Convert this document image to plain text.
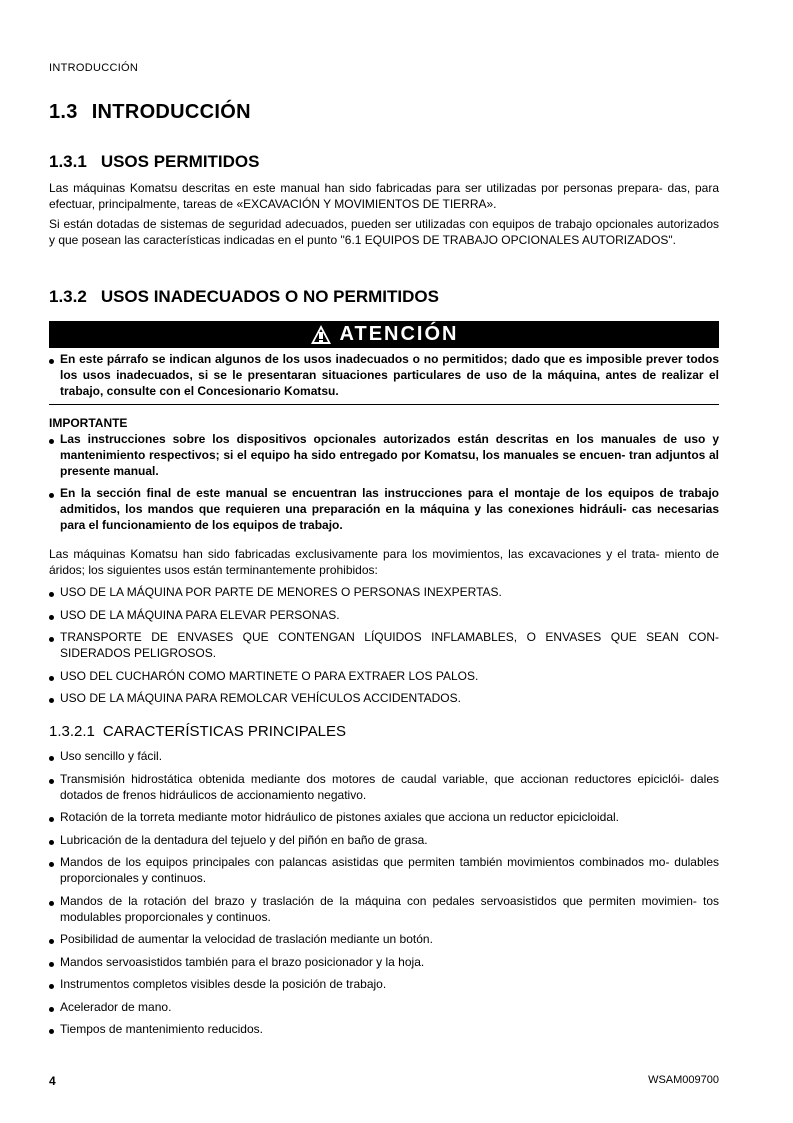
INTRODUCCIÓN
1.3 INTRODUCCIÓN
1.3.1 USOS PERMITIDOS

Las máquinas Komatsu descritas en este manual han sido fabricadas para ser utilizadas por personas prepara- das, para efectuar, principalmente, tareas de «EXCAVACIÓN Y MOVIMIENTOS DE TIERRA».

Si están dotadas de sistemas de seguridad adecuados, pueden ser utilizadas con equipos de trabajo opcionales autorizados y que posean las características indicadas en el punto "6.1 EQUIPOS DE TRABAJO OPCIONALES AUTORIZADOS".

1.3.2 USOS INADECUADOS O NO PERMITIDOS
ATENCIÓN
En este párrafo se indican algunos de los usos inadecuados o no permitidos; dado que es imposible prever todos los usos inadecuados, si se le presentaran situaciones particulares de uso de la máquina, antes de realizar el trabajo, consulte con el Concesionario Komatsu.
IMPORTANTE
Las instrucciones sobre los dispositivos opcionales autorizados están descritas en los manuales de uso y mantenimiento respectivos; si el equipo ha sido entregado por Komatsu, los manuales se encuen- tran adjuntos al presente manual.
En la sección final de este manual se encuentran las instrucciones para el montaje de los equipos de trabajo admitidos, los mandos que requieren una preparación en la máquina y las conexiones hidráuli- cas necesarias para el funcionamiento de los equipos de trabajo.

Las máquinas Komatsu han sido fabricadas exclusivamente para los movimientos, las excavaciones y el trata- miento de áridos; los siguientes usos están terminantemente prohibidos:

USO DE LA MÁQUINA POR PARTE DE MENORES O PERSONAS INEXPERTAS.
USO DE LA MÁQUINA PARA ELEVAR PERSONAS.
TRANSPORTE DE ENVASES QUE CONTENGAN LÍQUIDOS INFLAMABLES, O ENVASES QUE SEAN CON- SIDERADOS PELIGROSOS.
USO DEL CUCHARÓN COMO MARTINETE O PARA EXTRAER LOS PALOS.
USO DE LA MÁQUINA PARA REMOLCAR VEHÍCULOS ACCIDENTADOS.
1.3.2.1 CARACTERÍSTICAS PRINCIPALES
Uso sencillo y fácil.
Transmisión hidrostática obtenida mediante dos motores de caudal variable, que accionan reductores epiciclói- dales dotados de frenos hidráulicos de accionamiento negativo.
Rotación de la torreta mediante motor hidráulico de pistones axiales que acciona un reductor epicicloidal.
Lubricación de la dentadura del tejuelo y del piñón en baño de grasa.
Mandos de los equipos principales con palancas asistidas que permiten también movimientos combinados mo- dulables proporcionales y continuos.
Mandos de la rotación del brazo y traslación de la máquina con pedales servoasistidos que permiten movimien- tos modulables proporcionales y continuos.
Posibilidad de aumentar la velocidad de traslación mediante un botón.
Mandos servoasistidos también para el brazo posicionador y la hoja.
Instrumentos completos visibles desde la posición de trabajo.
Acelerador de mano.
Tiempos de mantenimiento reducidos.
4	WSAM009700
